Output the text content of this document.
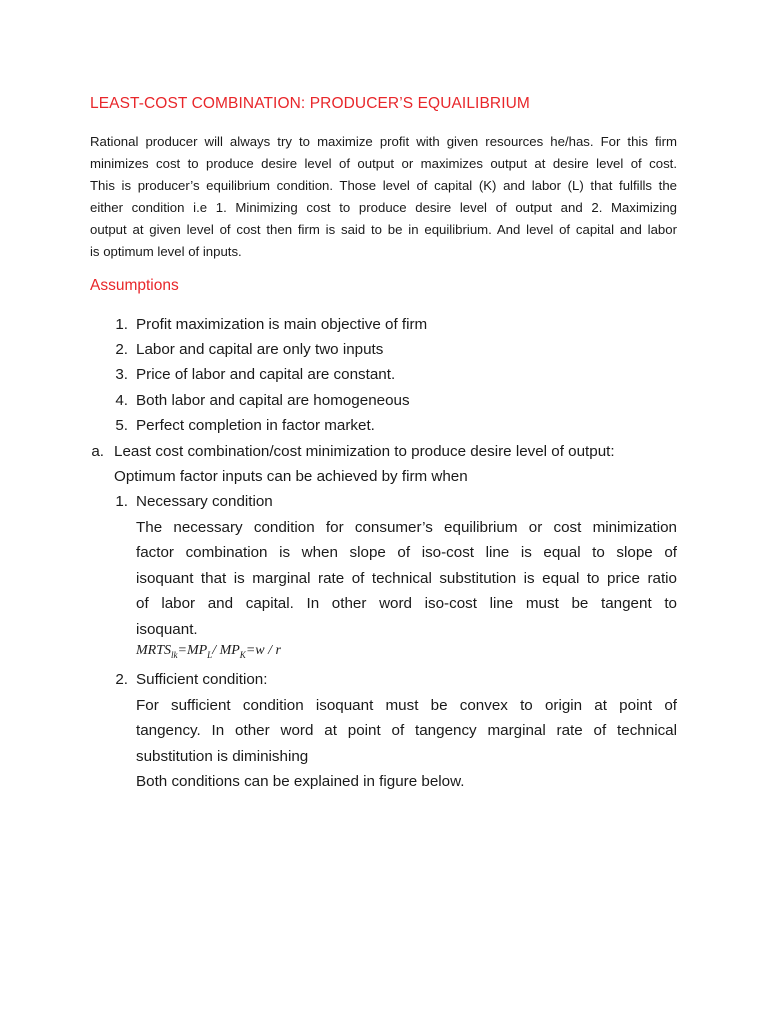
LEAST-COST COMBINATION: PRODUCER’S EQUAILIBRIUM
Rational producer will always try to maximize profit with given resources he/has. For this firm
minimizes cost to produce desire level of output or maximizes output at desire level of cost.
This is producer’s equilibrium condition. Those level of capital (K) and labor (L) that fulfills the
either condition i.e 1. Minimizing cost to produce desire level of output and 2. Maximizing
output at given level of cost then firm is said to be in equilibrium. And level of capital and labor
is optimum level of inputs.
Assumptions
1. Profit maximization is main objective of firm
2. Labor and capital are only two inputs
3. Price of labor and capital are constant.
4. Both labor and capital are homogeneous
5. Perfect completion in factor market.
a. Least cost combination/cost minimization to produce desire level of output:
Optimum factor inputs can be achieved by firm when
1. Necessary condition
The necessary condition for consumer’s equilibrium or cost minimization
factor combination is when slope of iso-cost line is equal to slope of
isoquant that is marginal rate of technical substitution is equal to price ratio
of labor and capital. In other word iso-cost line must be tangent to
isoquant.
$MRTS_{lk}=MP_L/$ $MP_K=w / r$
2. Sufficient condition:
For sufficient condition isoquant must be convex to origin at point of
tangency. In other word at point of tangency marginal rate of technical
substitution is diminishing
Both conditions can be explained in figure below.
